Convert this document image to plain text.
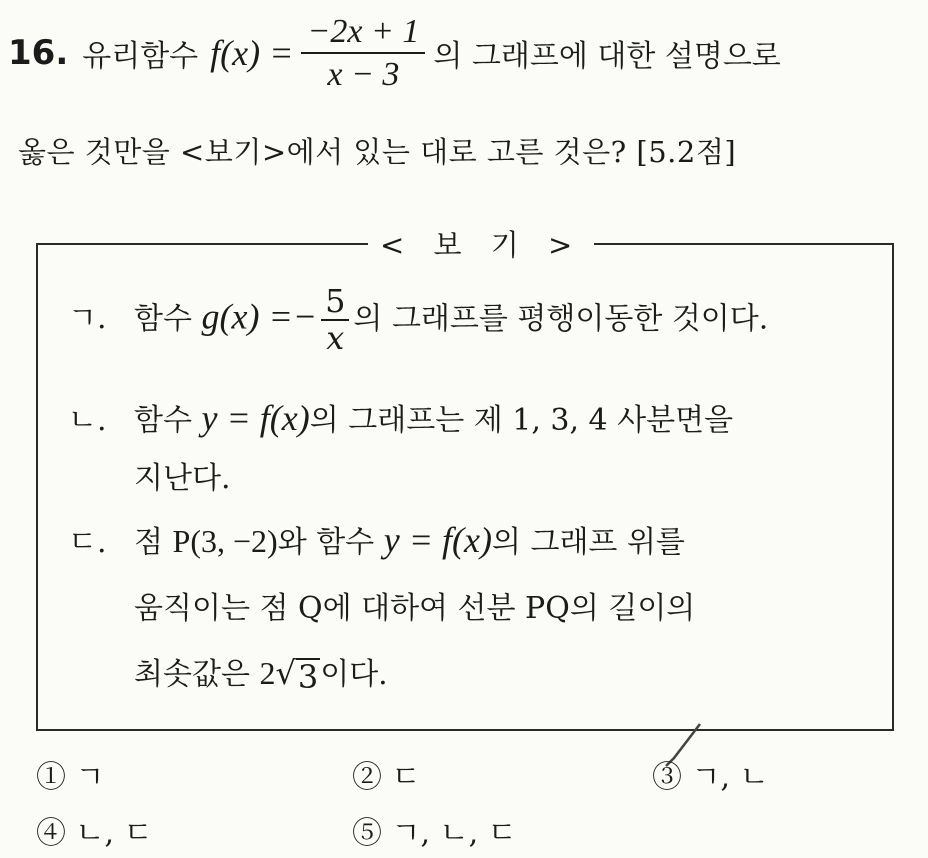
16. 유리함수 $f(x) = \frac{-2x + 1}{x - 3}$ 의 그래프에 대한 설명으로
옳은 것만을 <보기>에서 있는 대로 고른 것은? [5.2점]
< 보 기 >
ㄱ. 함수 $g(x) =- \frac{5}{x}$ 의 그래프를 평행이동한 것이다.
ㄴ. 함수 y = f(x)의 그래프는 제 1, 3, 4 사분면을
지난다.
ㄷ. 점 P(3, −2)와 함수 y = f(x)의 그래프 위를
움직이는 점 Q에 대하여 선분 PQ의 길이의
최솟값은 2 √ 3 이다.
① ㄱ	② ㄷ	③ ㄱ, ㄴ
④ ㄴ, ㄷ	⑤ ㄱ, ㄴ, ㄷ
